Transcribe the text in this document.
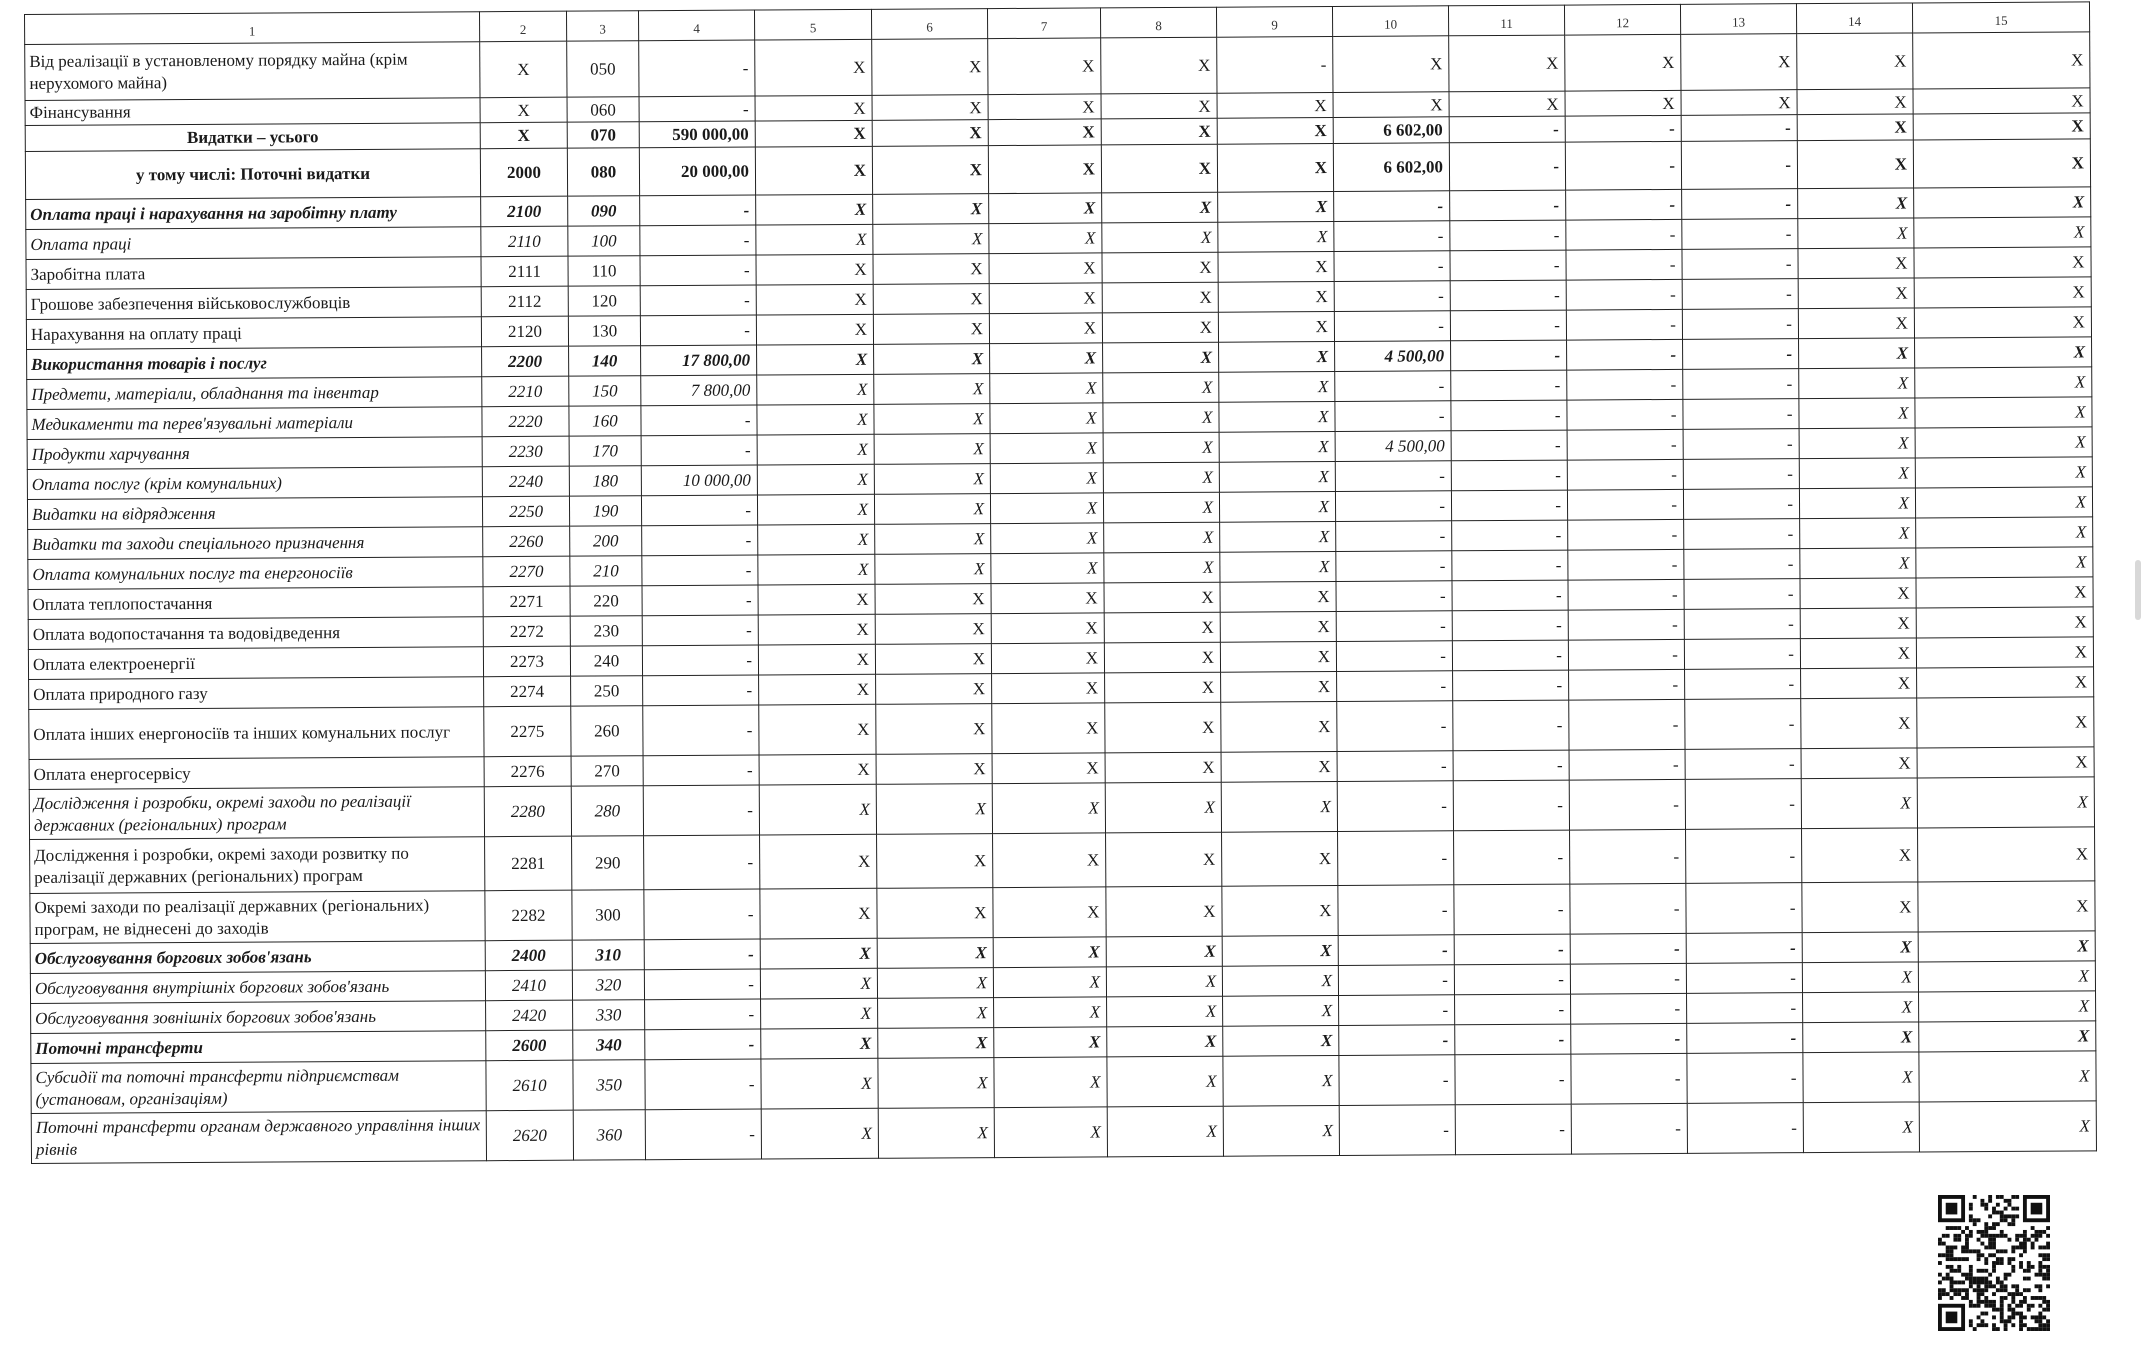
1	2	3	4	5	6	7	8	9	10	11	12	13	14	15
Від реалізації в установленому порядку майна (крім нерухомого майна)	X	050	-	X	X	X	X	-	X	X	X	X	X	X
Фінансування	X	060	-	X	X	X	X	X	X	X	X	X	X	X
Видатки – усього	X	070	590 000,00	X	X	X	X	X	6 602,00	-	-	-	X	X
у тому числі: Поточні видатки	2000	080	20 000,00	X	X	X	X	X	6 602,00	-	-	-	X	X
Оплата праці і нарахування на заробітну плату	2100	090	-	X	X	X	X	X	-	-	-	-	X	X
Оплата праці	2110	100	-	X	X	X	X	X	-	-	-	-	X	X
Заробітна плата	2111	110	-	X	X	X	X	X	-	-	-	-	X	X
Грошове забезпечення військовослужбовців	2112	120	-	X	X	X	X	X	-	-	-	-	X	X
Нарахування на оплату праці	2120	130	-	X	X	X	X	X	-	-	-	-	X	X
Використання товарів і послуг	2200	140	17 800,00	X	X	X	X	X	4 500,00	-	-	-	X	X
Предмети, матеріали, обладнання та інвентар	2210	150	7 800,00	X	X	X	X	X	-	-	-	-	X	X
Медикаменти та перев'язувальні матеріали	2220	160	-	X	X	X	X	X	-	-	-	-	X	X
Продукти харчування	2230	170	-	X	X	X	X	X	4 500,00	-	-	-	X	X
Оплата послуг (крім комунальних)	2240	180	10 000,00	X	X	X	X	X	-	-	-	-	X	X
Видатки на відрядження	2250	190	-	X	X	X	X	X	-	-	-	-	X	X
Видатки та заходи спеціального призначення	2260	200	-	X	X	X	X	X	-	-	-	-	X	X
Оплата комунальних послуг та енергоносіїв	2270	210	-	X	X	X	X	X	-	-	-	-	X	X
Оплата теплопостачання	2271	220	-	X	X	X	X	X	-	-	-	-	X	X
Оплата водопостачання та водовідведення	2272	230	-	X	X	X	X	X	-	-	-	-	X	X
Оплата електроенергії	2273	240	-	X	X	X	X	X	-	-	-	-	X	X
Оплата природного газу	2274	250	-	X	X	X	X	X	-	-	-	-	X	X
Оплата інших енергоносіїв та інших комунальних послуг	2275	260	-	X	X	X	X	X	-	-	-	-	X	X
Оплата енергосервісу	2276	270	-	X	X	X	X	X	-	-	-	-	X	X
Дослідження і розробки, окремі заходи по реалізації державних (регіональних) програм	2280	280	-	X	X	X	X	X	-	-	-	-	X	X
Дослідження і розробки, окремі заходи розвитку по реалізації державних (регіональних) програм	2281	290	-	X	X	X	X	X	-	-	-	-	X	X
Окремі заходи по реалізації державних (регіональних) програм, не віднесені до заходів	2282	300	-	X	X	X	X	X	-	-	-	-	X	X
Обслуговування боргових зобов'язань	2400	310	-	X	X	X	X	X	-	-	-	-	X	X
Обслуговування внутрішніх боргових зобов'язань	2410	320	-	X	X	X	X	X	-	-	-	-	X	X
Обслуговування зовнішніх боргових зобов'язань	2420	330	-	X	X	X	X	X	-	-	-	-	X	X
Поточні трансферти	2600	340	-	X	X	X	X	X	-	-	-	-	X	X
Субсидії та поточні трансферти підприємствам (установам, організаціям)	2610	350	-	X	X	X	X	X	-	-	-	-	X	X
Поточні трансферти органам державного управління інших рівнів	2620	360	-	X	X	X	X	X	-	-	-	-	X	X
